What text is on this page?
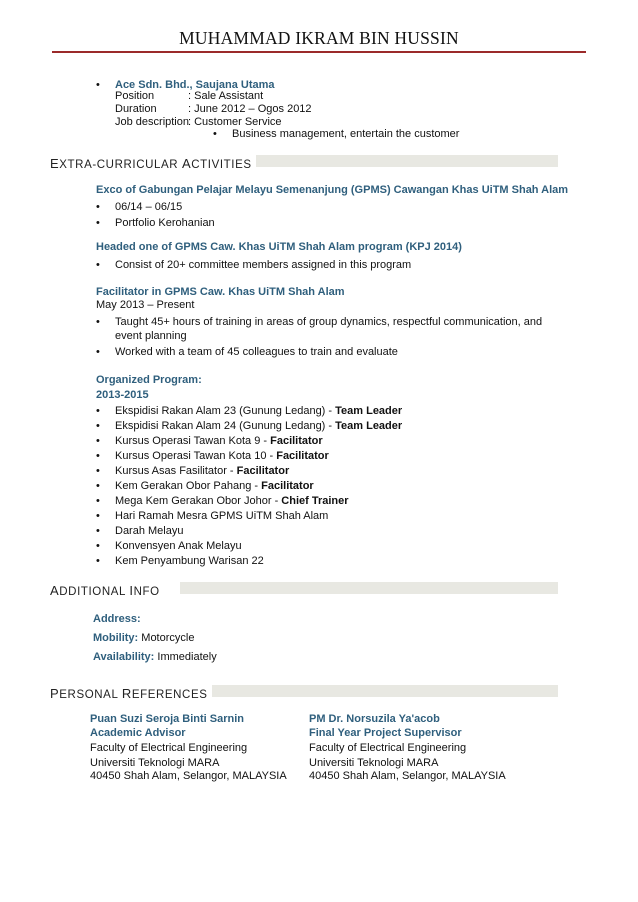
MUHAMMAD IKRAM BIN HUSSIN
• Ace Sdn. Bhd., Saujana Utama
Position	: Sale Assistant
Duration	: June 2012 – Ogos 2012
Job description : Customer Service
• Business management, entertain the customer
EXTRA-CURRICULAR ACTIVITIES
Exco of Gabungan Pelajar Melayu Semenanjung (GPMS) Cawangan Khas UiTM Shah Alam
• 06/14 – 06/15
• Portfolio Kerohanian
Headed one of GPMS Caw. Khas UiTM Shah Alam program (KPJ 2014)
• Consist of 20+ committee members assigned in this program
Facilitator in GPMS Caw. Khas UiTM Shah Alam
May 2013 – Present
• Taught 45+ hours of training in areas of group dynamics, respectful communication, and
event planning
• Worked with a team of 45 colleagues to train and evaluate
Organized Program:
2013-2015
• Ekspidisi Rakan Alam 23 (Gunung Ledang) - Team Leader
• Ekspidisi Rakan Alam 24 (Gunung Ledang) - Team Leader
• Kursus Operasi Tawan Kota 9 - Facilitator
• Kursus Operasi Tawan Kota 10 - Facilitator
• Kursus Asas Fasilitator - Facilitator
• Kem Gerakan Obor Pahang - Facilitator
• Mega Kem Gerakan Obor Johor - Chief Trainer
• Hari Ramah Mesra GPMS UiTM Shah Alam
• Darah Melayu
• Konvensyen Anak Melayu
• Kem Penyambung Warisan 22
ADDITIONAL INFO
Address:
Mobility: Motorcycle
Availability: Immediately
PERSONAL REFERENCES
Puan Suzi Seroja Binti Sarnin
Academic Advisor
Faculty of Electrical Engineering
Universiti Teknologi MARA
40450 Shah Alam, Selangor, MALAYSIA
PM Dr. Norsuzila Ya'acob
Final Year Project Supervisor
Faculty of Electrical Engineering
Universiti Teknologi MARA
40450 Shah Alam, Selangor, MALAYSIA
